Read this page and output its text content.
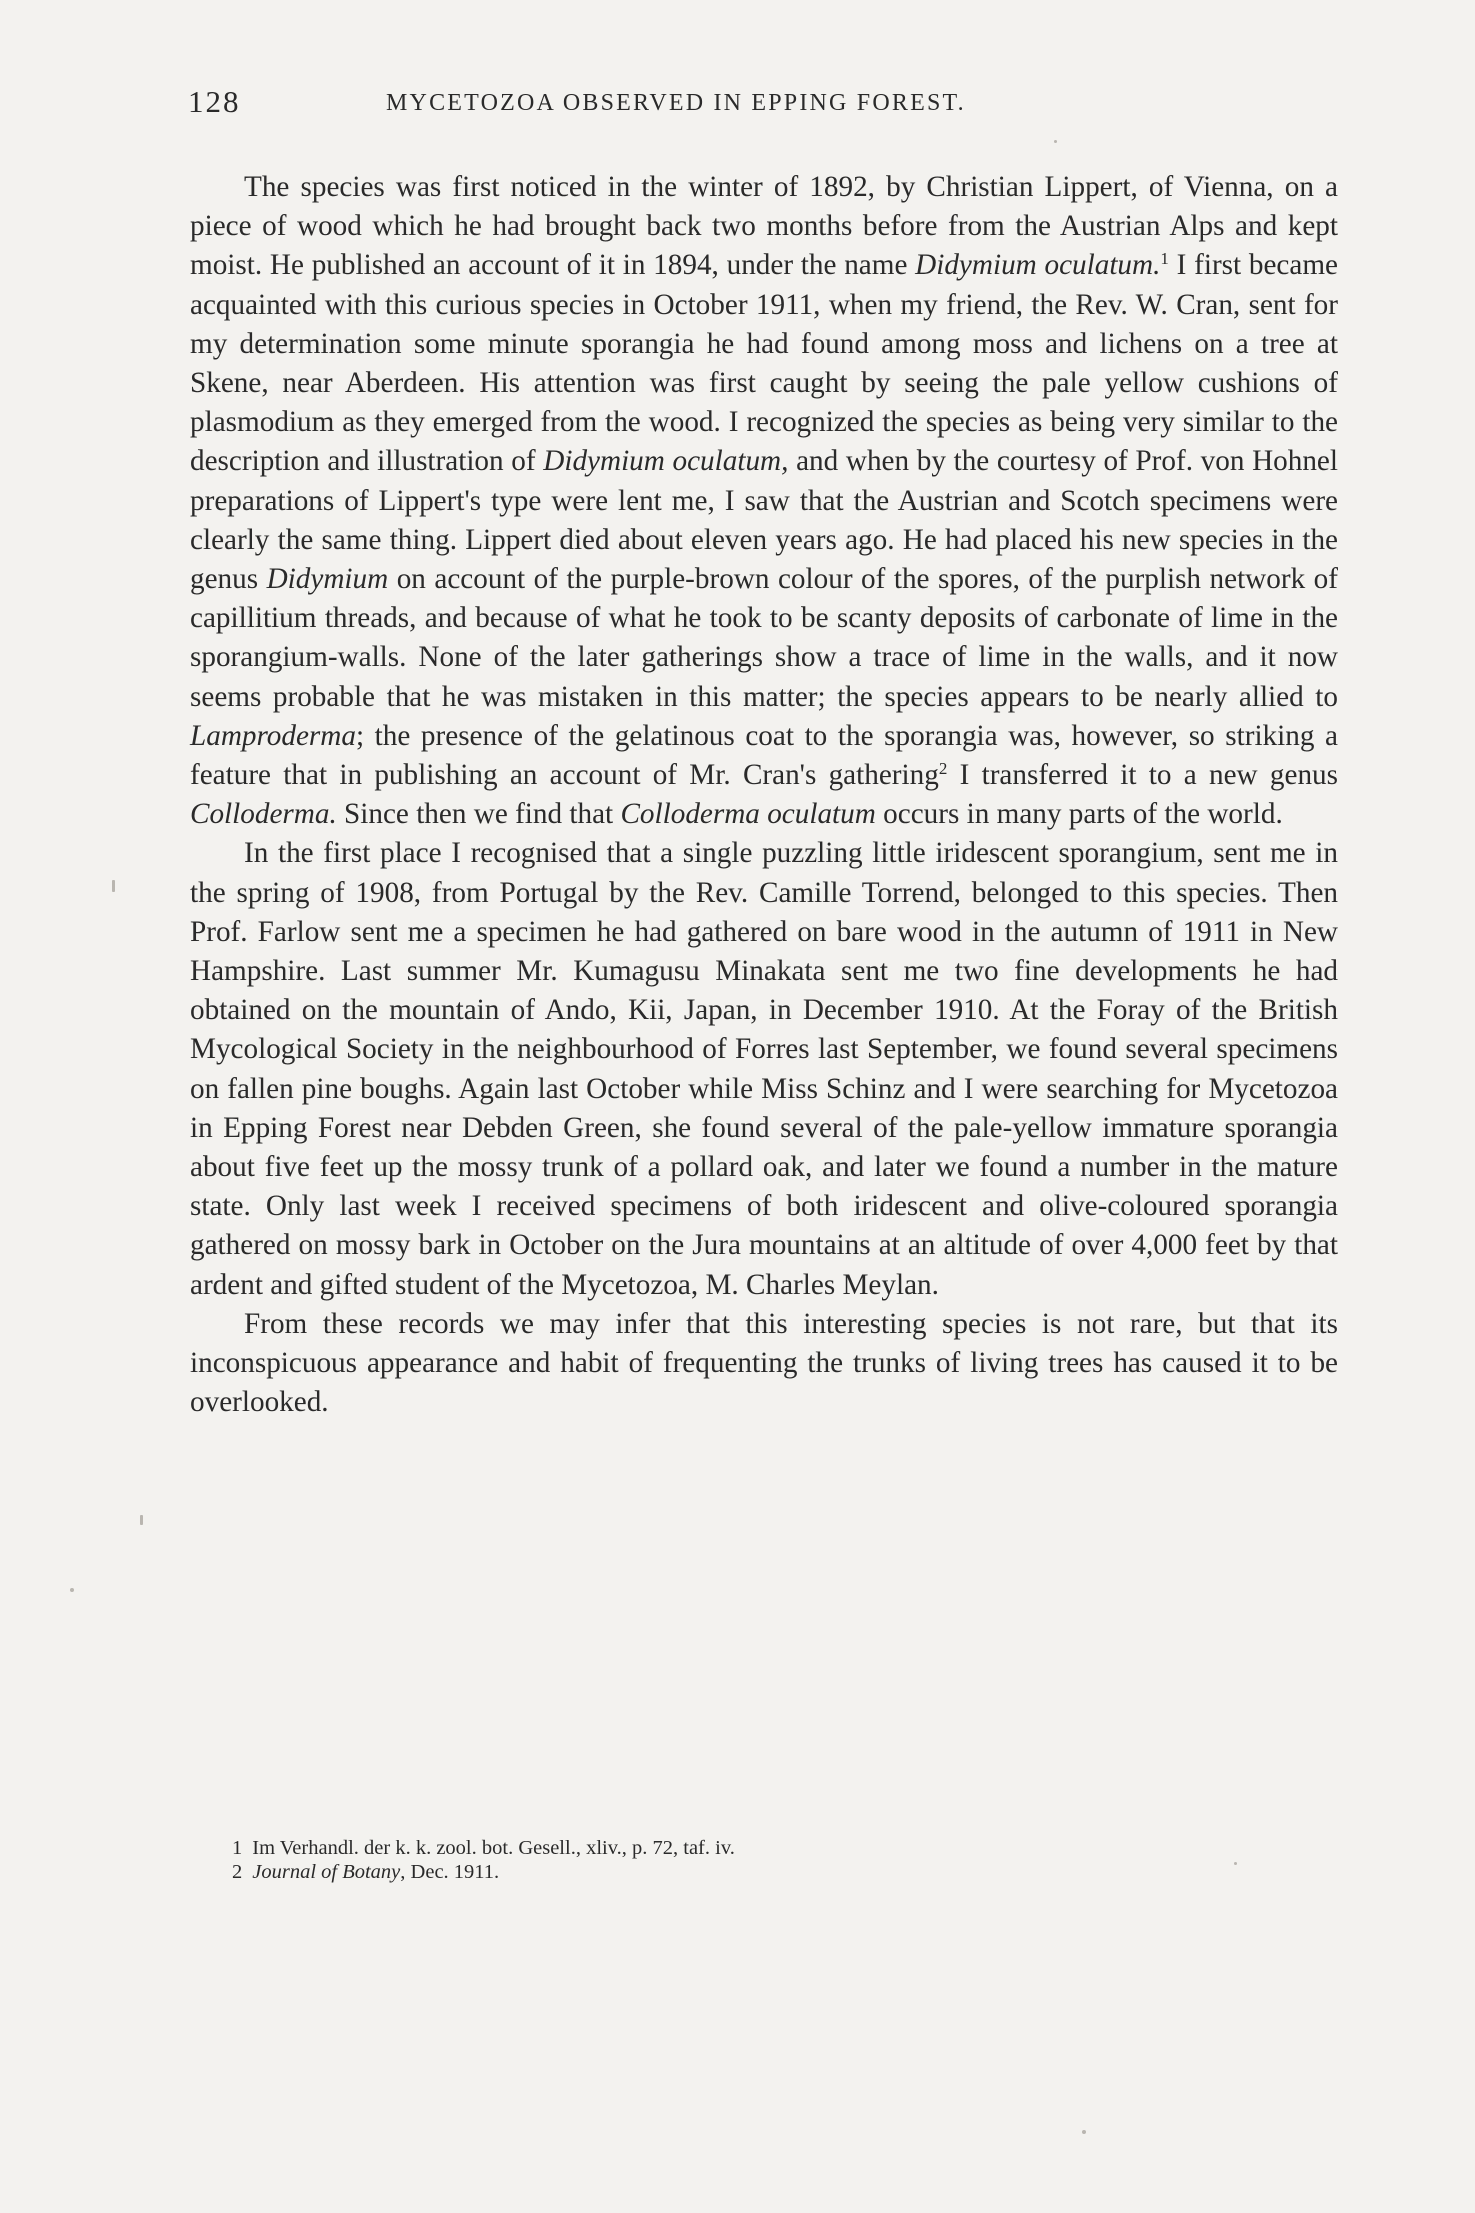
128	MYCETOZOA OBSERVED IN EPPING FOREST.

The species was first noticed in the winter of 1892, by Christian Lippert, of Vienna, on a piece of wood which he had brought back two months before from the Austrian Alps and kept moist. He published an account of it in 1894, under the name Didymium oculatum.$^1$ I first became acquainted with this curious species in October 1911, when my friend, the Rev. W. Cran, sent for my determination some minute sporangia he had found among moss and lichens on a tree at Skene, near Aberdeen. His attention was first caught by seeing the pale yellow cushions of plasmodium as they emerged from the wood. I recognized the species as being very similar to the description and illustration of Didymium oculatum, and when by the courtesy of Prof. von Hohnel preparations of Lippert's type were lent me, I saw that the Austrian and Scotch specimens were clearly the same thing. Lippert died about eleven years ago. He had placed his new species in the genus Didymium on account of the purple-brown colour of the spores, of the purplish network of capillitium threads, and because of what he took to be scanty deposits of carbonate of lime in the sporangium-walls. None of the later gatherings show a trace of lime in the walls, and it now seems probable that he was mistaken in this matter; the species appears to be nearly allied to Lamproderma; the presence of the gelatinous coat to the sporangia was, however, so striking a feature that in publishing an account of Mr. Cran's gathering$^2$ I transferred it to a new genus Colloderma. Since then we find that Colloderma oculatum occurs in many parts of the world.

In the first place I recognised that a single puzzling little iridescent sporangium, sent me in the spring of 1908, from Portugal by the Rev. Camille Torrend, belonged to this species. Then Prof. Farlow sent me a specimen he had gathered on bare wood in the autumn of 1911 in New Hampshire. Last summer Mr. Kumagusu Minakata sent me two fine developments he had obtained on the mountain of Ando, Kii, Japan, in December 1910. At the Foray of the British Mycological Society in the neighbourhood of Forres last September, we found several specimens on fallen pine boughs. Again last October while Miss Schinz and I were searching for Mycetozoa in Epping Forest near Debden Green, she found several of the pale-yellow immature sporangia about five feet up the mossy trunk of a pollard oak, and later we found a number in the mature state. Only last week I received specimens of both iridescent and olive-coloured sporangia gathered on mossy bark in October on the Jura mountains at an altitude of over 4,000 feet by that ardent and gifted student of the Mycetozoa, M. Charles Meylan.

From these records we may infer that this interesting species is not rare, but that its inconspicuous appearance and habit of frequenting the trunks of living trees has caused it to be overlooked.

1 Im Verhandl. der k. k. zool. bot. Gesell., xliv., p. 72, taf. iv.

2 Journal of Botany, Dec. 1911.
